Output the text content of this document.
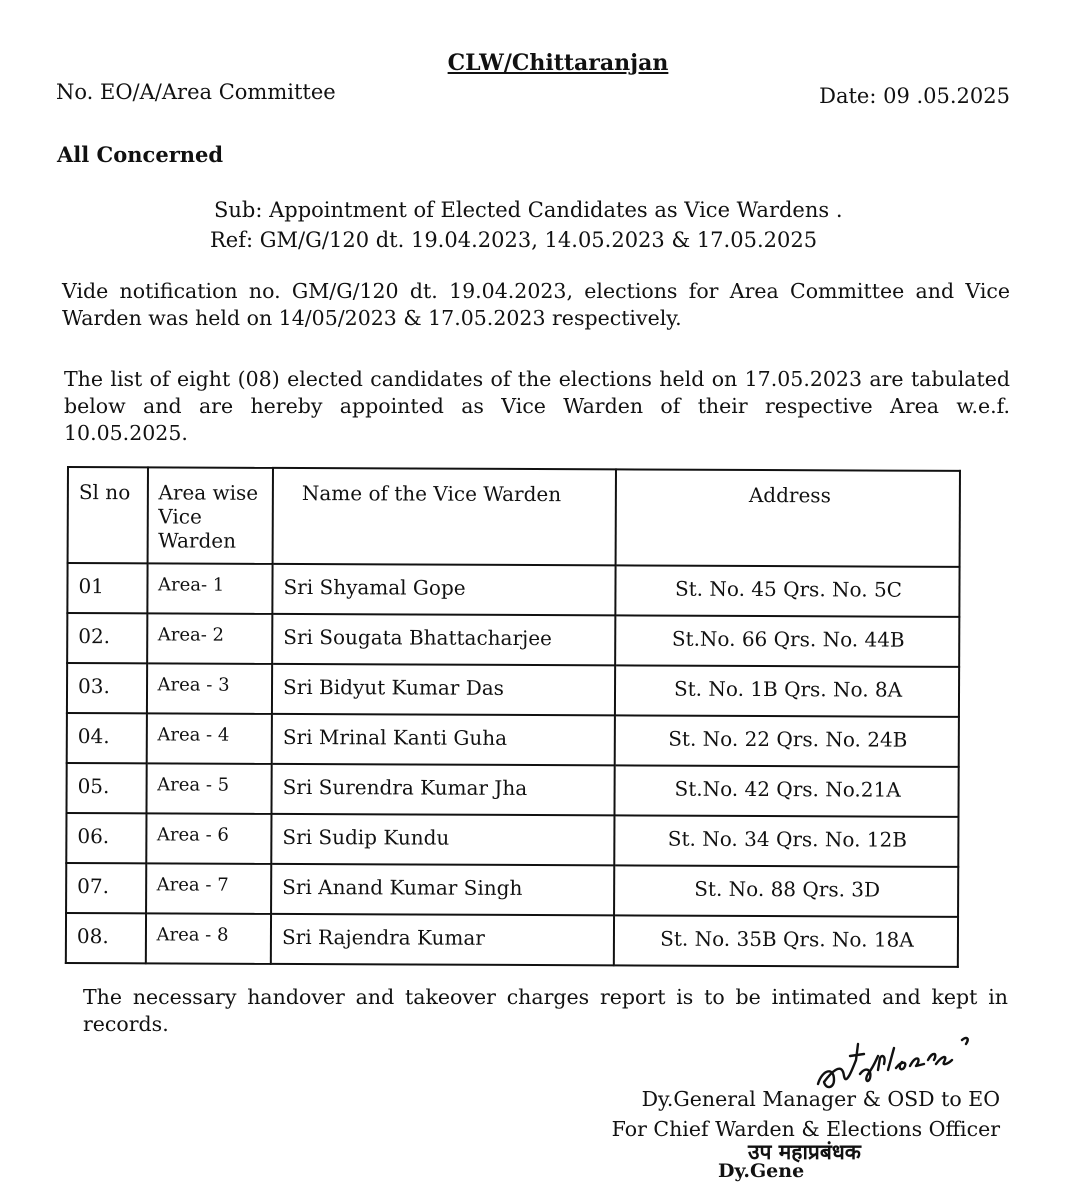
CLW/Chittaranjan
No. EO/A/Area Committee	Date: 09 .05.2025
All Concerned
Sub: Appointment of Elected Candidates as Vice Wardens .
Ref: GM/G/120 dt. 19.04.2023, 14.05.2023 & 17.05.2025
Vide notification no. GM/G/120 dt. 19.04.2023, elections for Area Committee and Vice Warden was held on 14/05/2023 & 17.05.2023 respectively.
The list of eight (08) elected candidates of the elections held on 17.05.2023 are tabulated below and are hereby appointed as Vice Warden of their respective Area w.e.f. 10.05.2025.
Sl no	Area wise Vice Warden	Name of the Vice Warden	Address
01	Area- 1	Sri Shyamal Gope	St. No. 45 Qrs. No. 5C
02.	Area- 2	Sri Sougata Bhattacharjee	St.No. 66 Qrs. No. 44B
03.	Area - 3	Sri Bidyut Kumar Das	St. No. 1B Qrs. No. 8A
04.	Area - 4	Sri Mrinal Kanti Guha	St. No. 22 Qrs. No. 24B
05.	Area - 5	Sri Surendra Kumar Jha	St.No. 42 Qrs. No.21A
06.	Area - 6	Sri Sudip Kundu	St. No. 34 Qrs. No. 12B
07.	Area - 7	Sri Anand Kumar Singh	St. No. 88 Qrs. 3D
08.	Area - 8	Sri Rajendra Kumar	St. No. 35B Qrs. No. 18A
The necessary handover and takeover charges report is to be intimated and kept in records.
Dy.General Manager & OSD to EO
For Chief Warden & Elections Officer
उप महाप्रबंधक
Dy.Gene
